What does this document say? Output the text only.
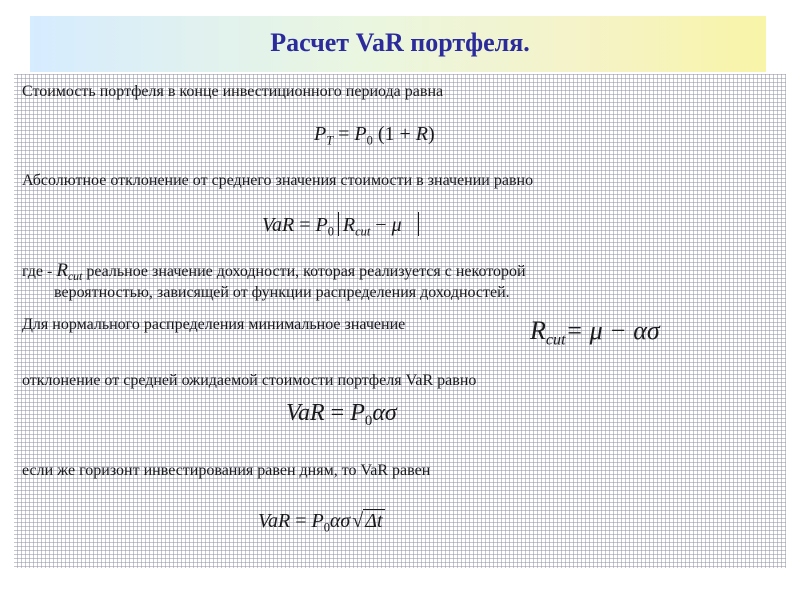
Расчет VaR портфеля.
Стоимость портфеля в конце инвестиционного периода равна
$P_T = P_0$ (1 + R)
Абсолютное отклонение от среднего значения стоимости в значении равно
VaR = $P_0$ $R_{cut} - \mu$
где - $R_{cut}$ реальное значение доходности, которая реализуется с некоторой
вероятностью, зависящей от функции распределения доходностей.
Для нормального распределения минимальное значение	$R_{cut}= \mu - \alpha\sigma$
отклонение от средней ожидаемой стоимости портфеля VaR равно
VaR = $P_0\alpha\sigma$
если же горизонт инвестирования равен дням, то VaR равен
VaR = $P_0\alpha\sigma$ √ Δt
